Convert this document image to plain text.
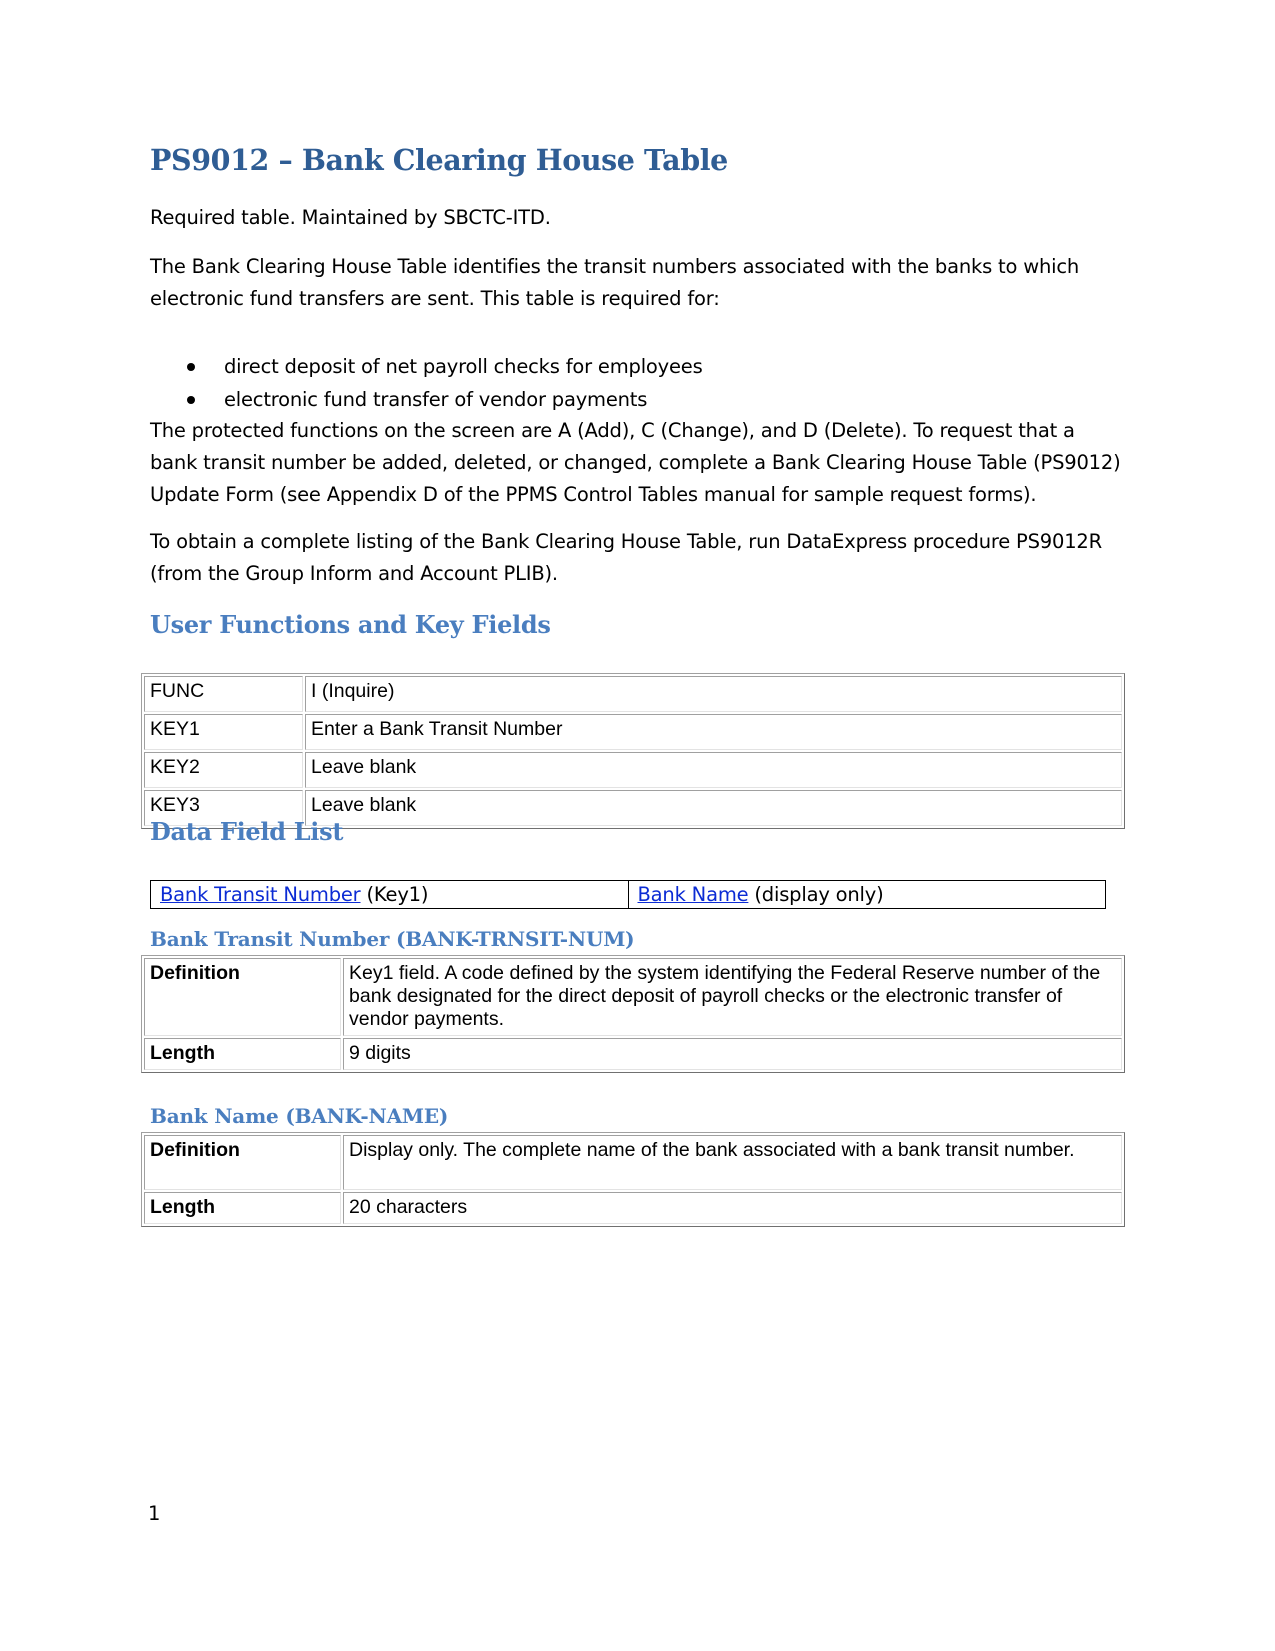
PS9012 – Bank Clearing House Table

Required table. Maintained by SBCTC-ITD.

The Bank Clearing House Table identifies the transit numbers associated with the banks to which electronic fund transfers are sent. This table is required for:

direct deposit of net payroll checks for employees
electronic fund transfer of vendor payments

The protected functions on the screen are A (Add), C (Change), and D (Delete). To request that a bank transit number be added, deleted, or changed, complete a Bank Clearing House Table (PS9012) Update Form (see Appendix D of the PPMS Control Tables manual for sample request forms).

To obtain a complete listing of the Bank Clearing House Table, run DataExpress procedure PS9012R (from the Group Inform and Account PLIB).

User Functions and Key Fields
FUNC	I (Inquire)
KEY1	Enter a Bank Transit Number
KEY2	Leave blank
KEY3	Leave blank
Data Field List
Bank Transit Number (Key1)	Bank Name (display only)
Bank Transit Number (BANK-TRNSIT-NUM)
Definition	Key1 field. A code defined by the system identifying the Federal Reserve number of the bank designated for the direct deposit of payroll checks or the electronic transfer of vendor payments.
Length	9 digits
Bank Name (BANK-NAME)
Definition	Display only. The complete name of the bank associated with a bank transit number.
Length	20 characters
1
